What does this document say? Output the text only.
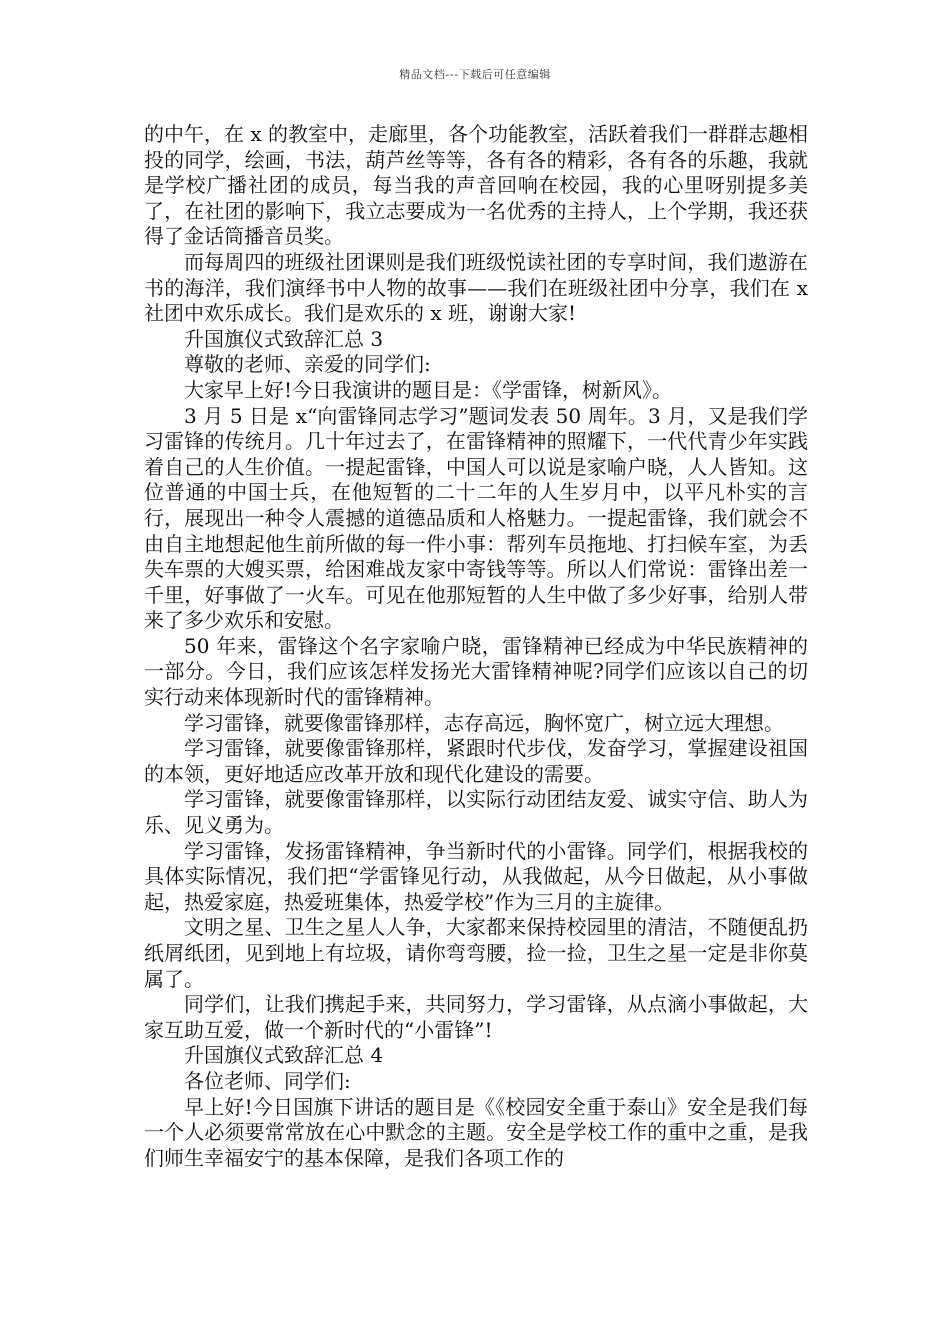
精品文档---下载后可任意编辑

的中午，在 x 的教室中，走廊里，各个功能教室，活跃着我们一群群志趣相投的同学，绘画，书法，葫芦丝等等，各有各的精彩，各有各的乐趣，我就是学校广播社团的成员，每当我的声音回响在校园，我的心里呀别提多美了，在社团的影响下，我立志要成为一名优秀的主持人，上个学期，我还获得了金话筒播音员奖。

而每周四的班级社团课则是我们班级悦读社团的专享时间，我们遨游在书的海洋，我们演绎书中人物的故事——我们在班级社团中分享，我们在 x 社团中欢乐成长。我们是欢乐的 x 班，谢谢大家!

升国旗仪式致辞汇总 3

尊敬的老师、亲爱的同学们:

大家早上好!今日我演讲的题目是：《学雷锋，树新风》。

3 月 5 日是 x“向雷锋同志学习”题词发表 50 周年。3 月，又是我们学习雷锋的传统月。几十年过去了，在雷锋精神的照耀下，一代代青少年实践着自己的人生价值。一提起雷锋，中国人可以说是家喻户晓，人人皆知。这位普通的中国士兵，在他短暂的二十二年的人生岁月中，以平凡朴实的言行，展现出一种令人震撼的道德品质和人格魅力。一提起雷锋，我们就会不由自主地想起他生前所做的每一件小事：帮列车员拖地、打扫候车室，为丢失车票的大嫂买票，给困难战友家中寄钱等等。所以人们常说：雷锋出差一千里，好事做了一火车。可见在他那短暂的人生中做了多少好事，给别人带来了多少欢乐和安慰。

50 年来，雷锋这个名字家喻户晓，雷锋精神已经成为中华民族精神的一部分。今日，我们应该怎样发扬光大雷锋精神呢?同学们应该以自己的切实行动来体现新时代的雷锋精神。

学习雷锋，就要像雷锋那样，志存高远，胸怀宽广，树立远大理想。

学习雷锋，就要像雷锋那样，紧跟时代步伐，发奋学习，掌握建设祖国的本领，更好地适应改革开放和现代化建设的需要。

学习雷锋，就要像雷锋那样，以实际行动团结友爱、诚实守信、助人为乐、见义勇为。

学习雷锋，发扬雷锋精神，争当新时代的小雷锋。同学们，根据我校的具体实际情况，我们把“学雷锋见行动，从我做起，从今日做起，从小事做起，热爱家庭，热爱班集体，热爱学校”作为三月的主旋律。

文明之星、卫生之星人人争，大家都来保持校园里的清洁，不随便乱扔纸屑纸团，见到地上有垃圾，请你弯弯腰，捡一捡，卫生之星一定是非你莫属了。

同学们，让我们携起手来，共同努力，学习雷锋，从点滴小事做起，大家互助互爱，做一个新时代的“小雷锋”!

升国旗仪式致辞汇总 4

各位老师、同学们:

早上好!今日国旗下讲话的题目是《《校园安全重于泰山》安全是我们每一个人必须要常常放在心中默念的主题。安全是学校工作的重中之重，是我们师生幸福安宁的基本保障，是我们各项工作的
